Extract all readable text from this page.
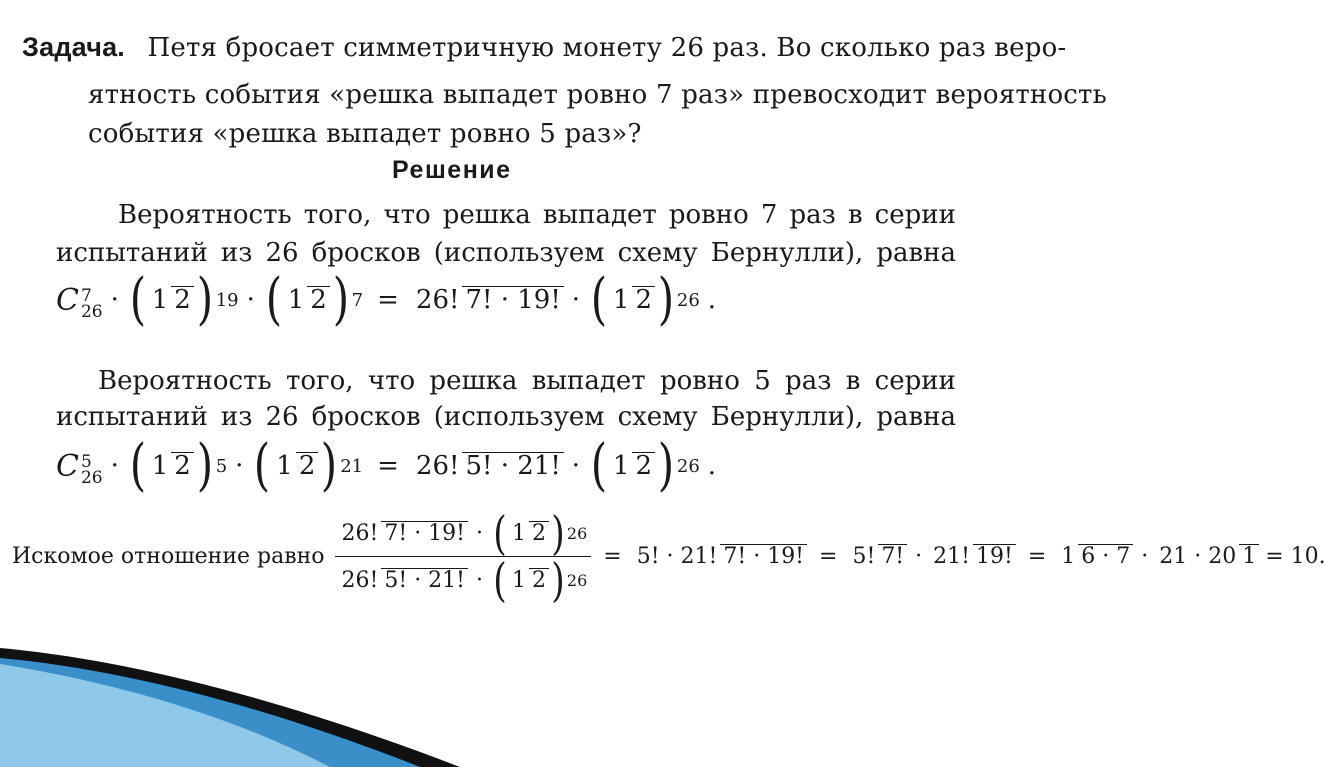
Задача. Петя бросает симметричную монету 26 раз. Во сколько раз веро-
ятность события «решка выпадет ровно 7 раз» превосходит вероятность
события «решка выпадет ровно 5 раз»?
Решение
Вероятность того, что решка выпадет ровно 7 раз в серии
испытаний из 26 бросков (используем схему Бернулли), равна
C 7
26 · ( 1 2 ) 19 · ( 1 2 ) 7 = 26! 7! · 19! · ( 1 2 ) 26 .
Вероятность того, что решка выпадет ровно 5 раз в серии
испытаний из 26 бросков (используем схему Бернулли), равна
C 5
26 · ( 1 2 ) 5 · ( 1 2 ) 21 = 26! 5! · 21! · ( 1 2 ) 26 .
Искомое отношение равно $\frac{26! 7! \cdot 19! \cdot ( 1 2 ) 26}{26! 5! \cdot 21! \cdot ( 1 2 ) 26} = 5$! · 21! 7! · 19! = 5! 7! · 21! 19! = 1 6 · 7 · 21 · 20 1 = 10.
